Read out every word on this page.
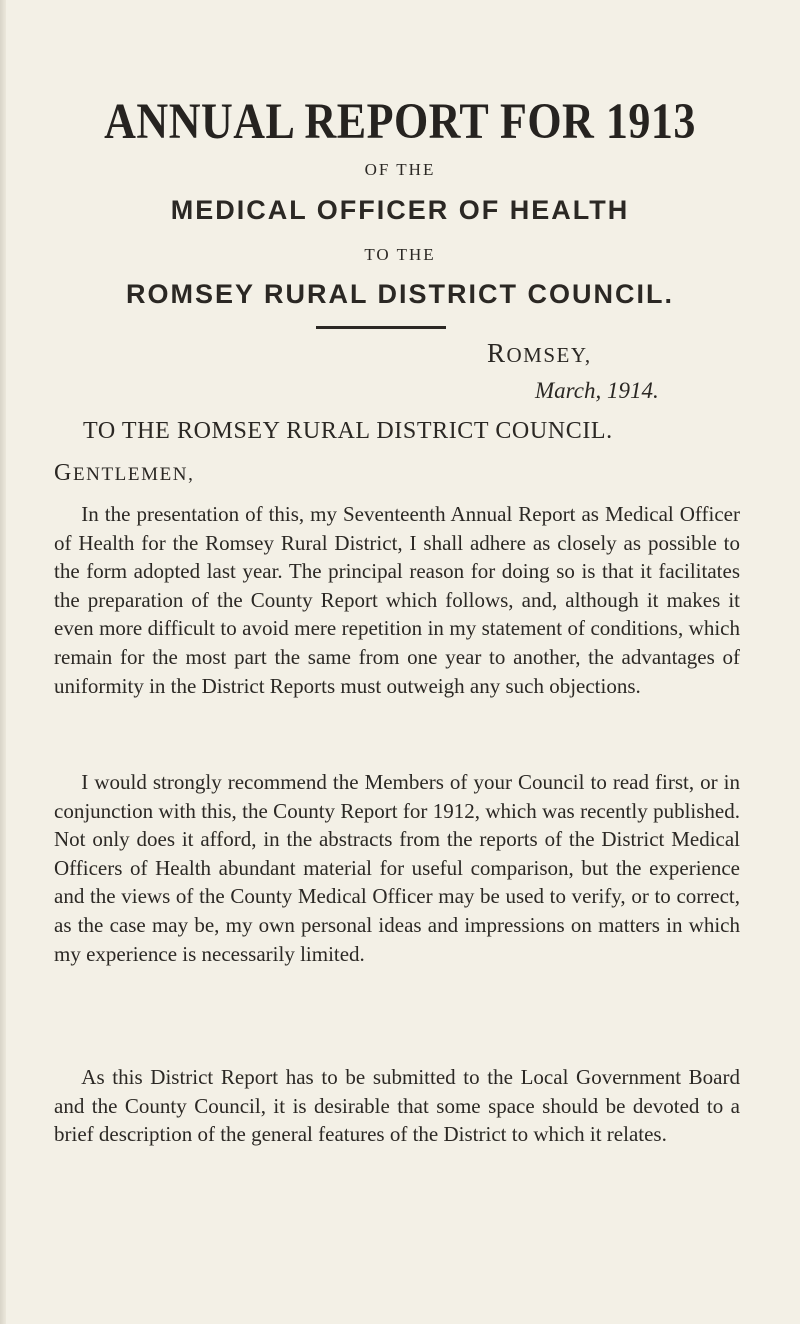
ANNUAL REPORT FOR 1913
OF THE
MEDICAL OFFICER OF HEALTH
TO THE
ROMSEY RURAL DISTRICT COUNCIL.
ROMSEY,
March, 1914.
TO THE ROMSEY RURAL DISTRICT COUNCIL.
GENTLEMEN,

In the presentation of this, my Seventeenth Annual Report as Medical Officer of Health for the Romsey Rural District, I shall adhere as closely as possible to the form adopted last year. The principal reason for doing so is that it facilitates the preparation of the County Report which follows, and, although it makes it even more difficult to avoid mere repetition in my statement of conditions, which remain for the most part the same from one year to another, the advantages of uniformity in the District Reports must outweigh any such objections.

I would strongly recommend the Members of your Council to read first, or in conjunction with this, the County Report for 1912, which was recently published. Not only does it afford, in the abstracts from the reports of the District Medical Officers of Health abundant material for useful comparison, but the experience and the views of the County Medical Officer may be used to verify, or to correct, as the case may be, my own personal ideas and impressions on matters in which my experience is necessarily limited.

As this District Report has to be submitted to the Local Government Board and the County Council, it is desirable that some space should be devoted to a brief description of the general features of the District to which it relates.
